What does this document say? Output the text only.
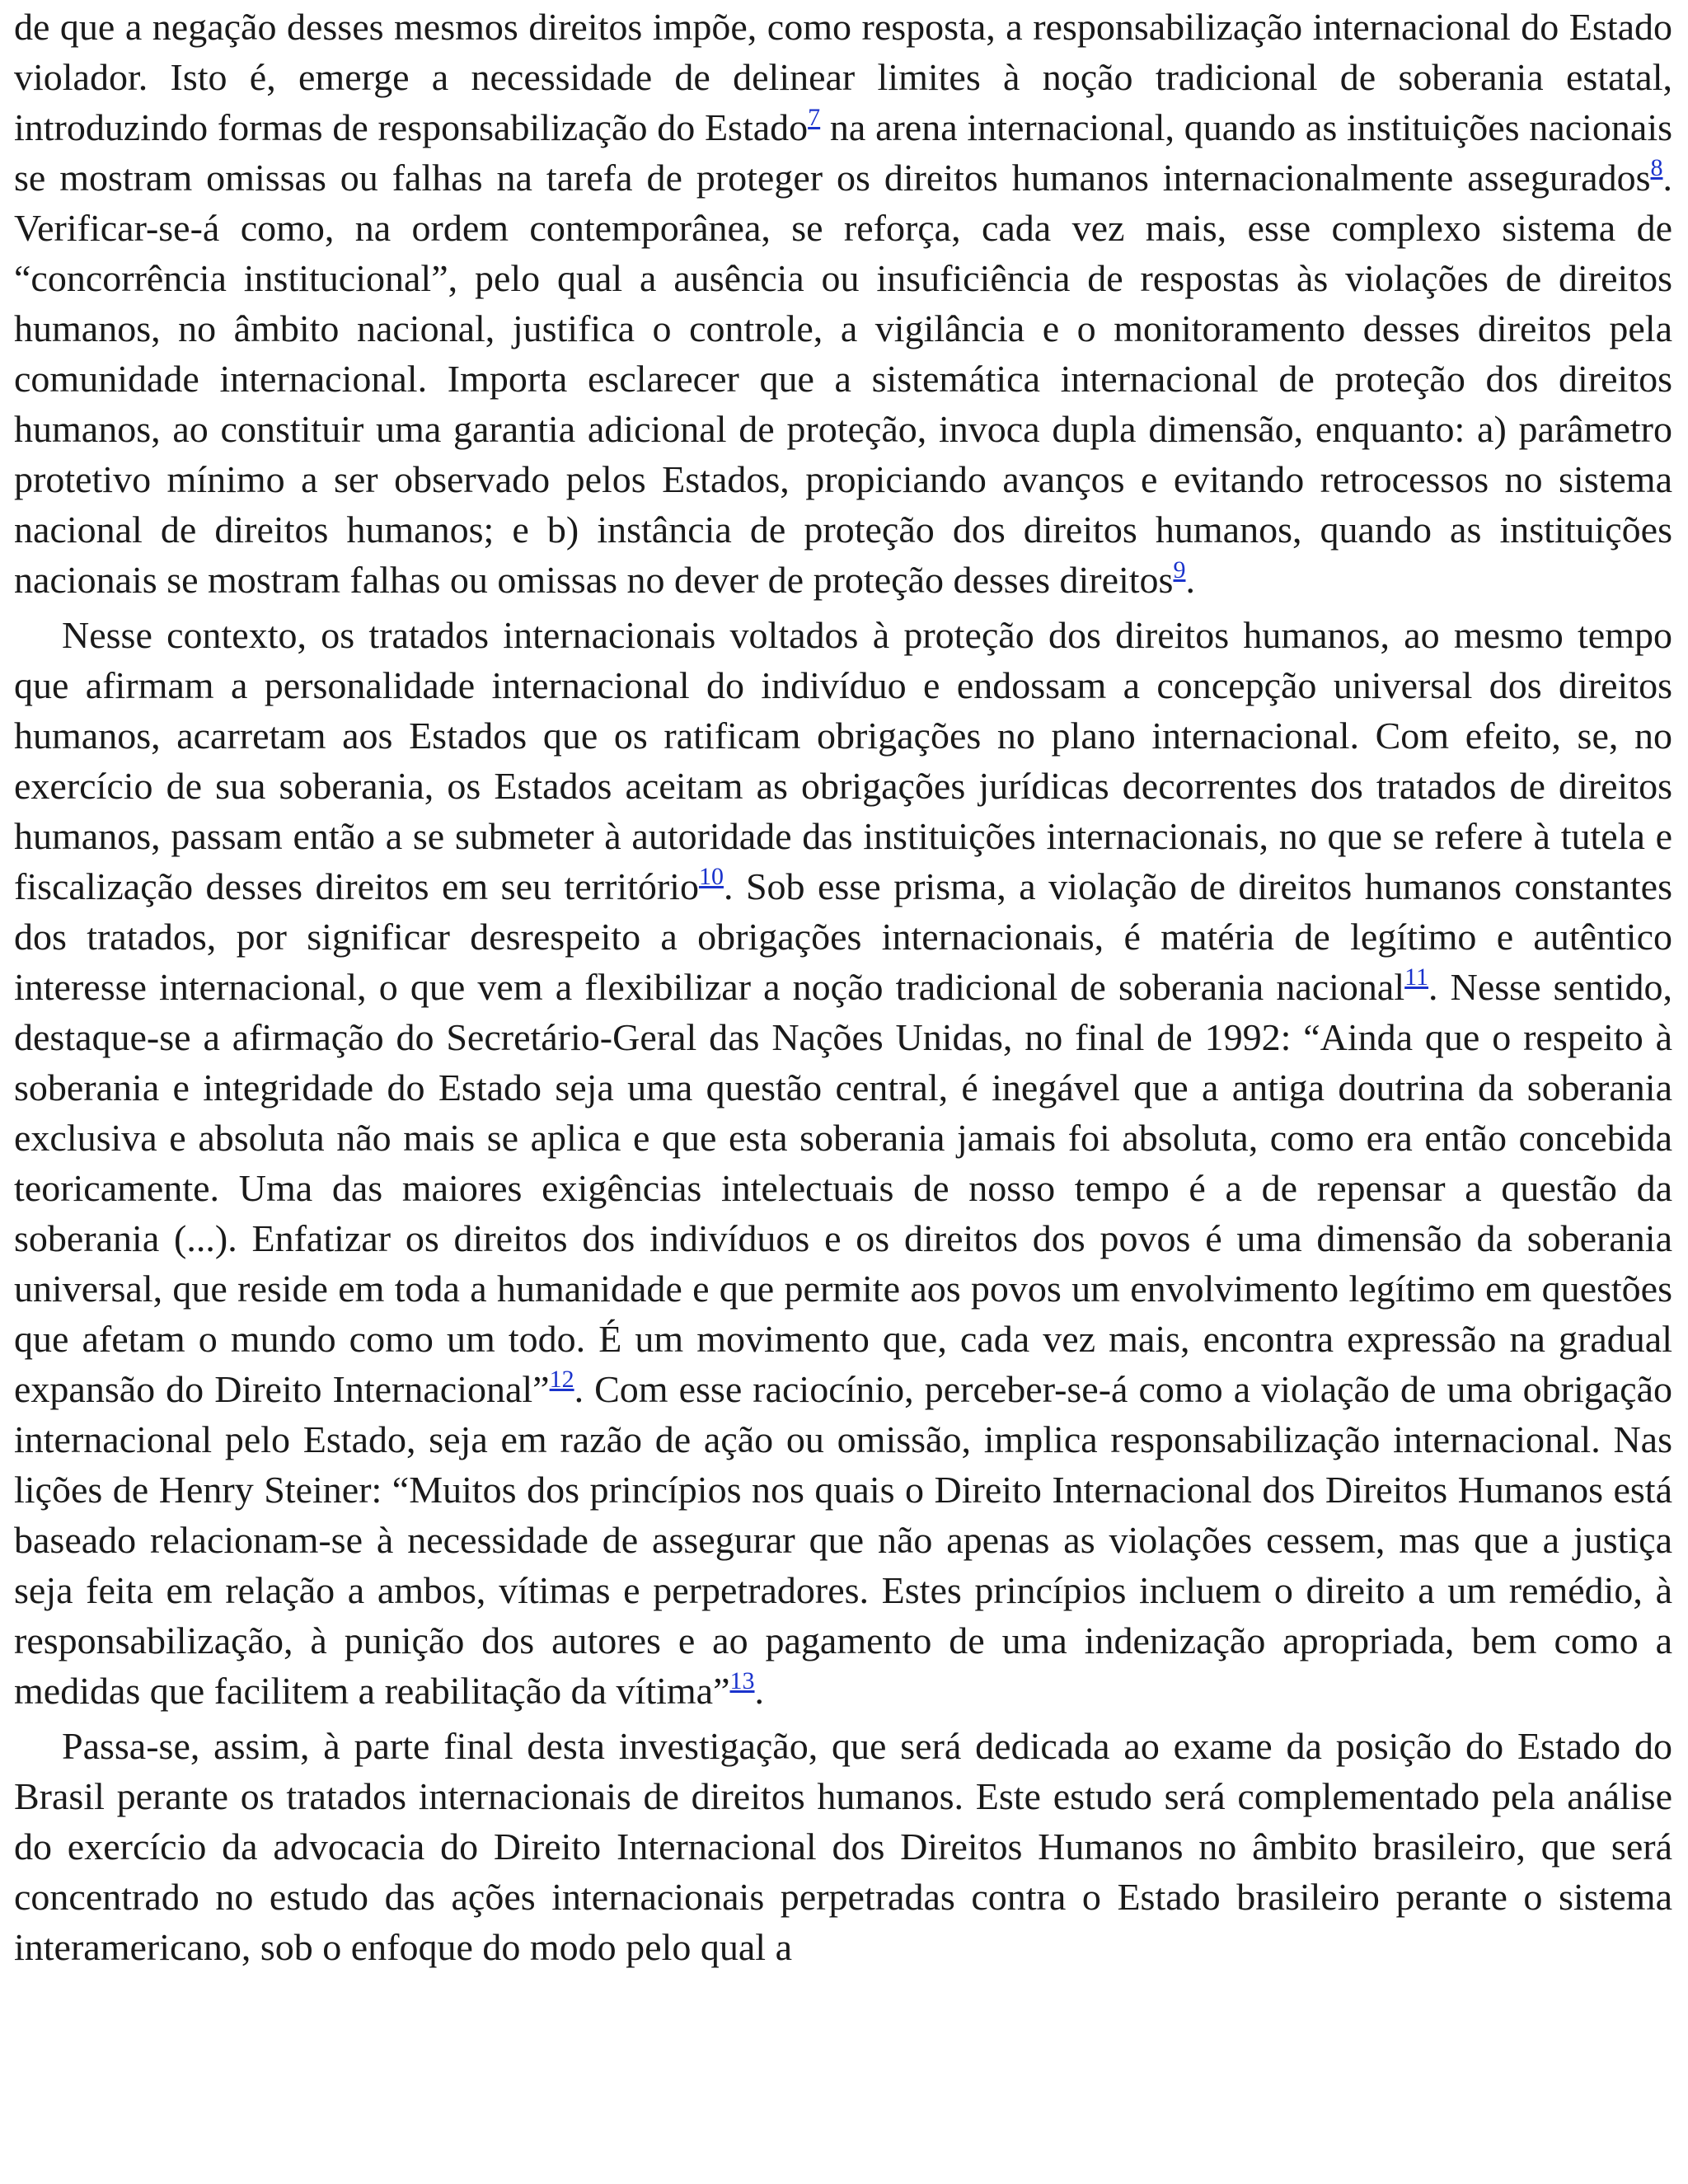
de que a negação desses mesmos direitos impõe, como resposta, a responsabilização internacional do Estado violador. Isto é, emerge a necessidade de delinear limites à noção tradicional de soberania estatal, introduzindo formas de responsabilização do Estado$^7$ na arena internacional, quando as instituições nacionais se mostram omissas ou falhas na tarefa de proteger os direitos humanos internacionalmente assegurados$^8$. Verificar-se-á como, na ordem contemporânea, se reforça, cada vez mais, esse complexo sistema de “concorrência institucional”, pelo qual a ausência ou insuficiência de respostas às violações de direitos humanos, no âmbito nacional, justifica o controle, a vigilância e o monitoramento desses direitos pela comunidade internacional. Importa esclarecer que a sistemática internacional de proteção dos direitos humanos, ao constituir uma garantia adicional de proteção, invoca dupla dimensão, enquanto: a) parâmetro protetivo mínimo a ser observado pelos Estados, propiciando avanços e evitando retrocessos no sistema nacional de direitos humanos; e b) instância de proteção dos direitos humanos, quando as instituições nacionais se mostram falhas ou omissas no dever de proteção desses direitos$^9$.

Nesse contexto, os tratados internacionais voltados à proteção dos direitos humanos, ao mesmo tempo que afirmam a personalidade internacional do indivíduo e endossam a concepção universal dos direitos humanos, acarretam aos Estados que os ratificam obrigações no plano internacional. Com efeito, se, no exercício de sua soberania, os Estados aceitam as obrigações jurídicas decorrentes dos tratados de direitos humanos, passam então a se submeter à autoridade das instituições internacionais, no que se refere à tutela e fiscalização desses direitos em seu território$^{10}$. Sob esse prisma, a violação de direitos humanos constantes dos tratados, por significar desrespeito a obrigações internacionais, é matéria de legítimo e autêntico interesse internacional, o que vem a flexibilizar a noção tradicional de soberania nacional$^{11}$. Nesse sentido, destaque-se a afirmação do Secretário-Geral das Nações Unidas, no final de 1992: “Ainda que o respeito à soberania e integridade do Estado seja uma questão central, é inegável que a antiga doutrina da soberania exclusiva e absoluta não mais se aplica e que esta soberania jamais foi absoluta, como era então concebida teoricamente. Uma das maiores exigências intelectuais de nosso tempo é a de repensar a questão da soberania (...). Enfatizar os direitos dos indivíduos e os direitos dos povos é uma dimensão da soberania universal, que reside em toda a humanidade e que permite aos povos um envolvimento legítimo em questões que afetam o mundo como um todo. É um movimento que, cada vez mais, encontra expressão na gradual expansão do Direito Internacional”$^{12}$. Com esse raciocínio, perceber-se-á como a violação de uma obrigação internacional pelo Estado, seja em razão de ação ou omissão, implica responsabilização internacional. Nas lições de Henry Steiner: “Muitos dos princípios nos quais o Direito Internacional dos Direitos Humanos está baseado relacionam-se à necessidade de assegurar que não apenas as violações cessem, mas que a justiça seja feita em relação a ambos, vítimas e perpetradores. Estes princípios incluem o direito a um remédio, à responsabilização, à punição dos autores e ao pagamento de uma indenização apropriada, bem como a medidas que facilitem a reabilitação da vítima”$^{13}$.

Passa-se, assim, à parte final desta investigação, que será dedicada ao exame da posição do Estado do Brasil perante os tratados internacionais de direitos humanos. Este estudo será complementado pela análise do exercício da advocacia do Direito Internacional dos Direitos Humanos no âmbito brasileiro, que será concentrado no estudo das ações internacionais perpetradas contra o Estado brasileiro perante o sistema interamericano, sob o enfoque do modo pelo qual a
